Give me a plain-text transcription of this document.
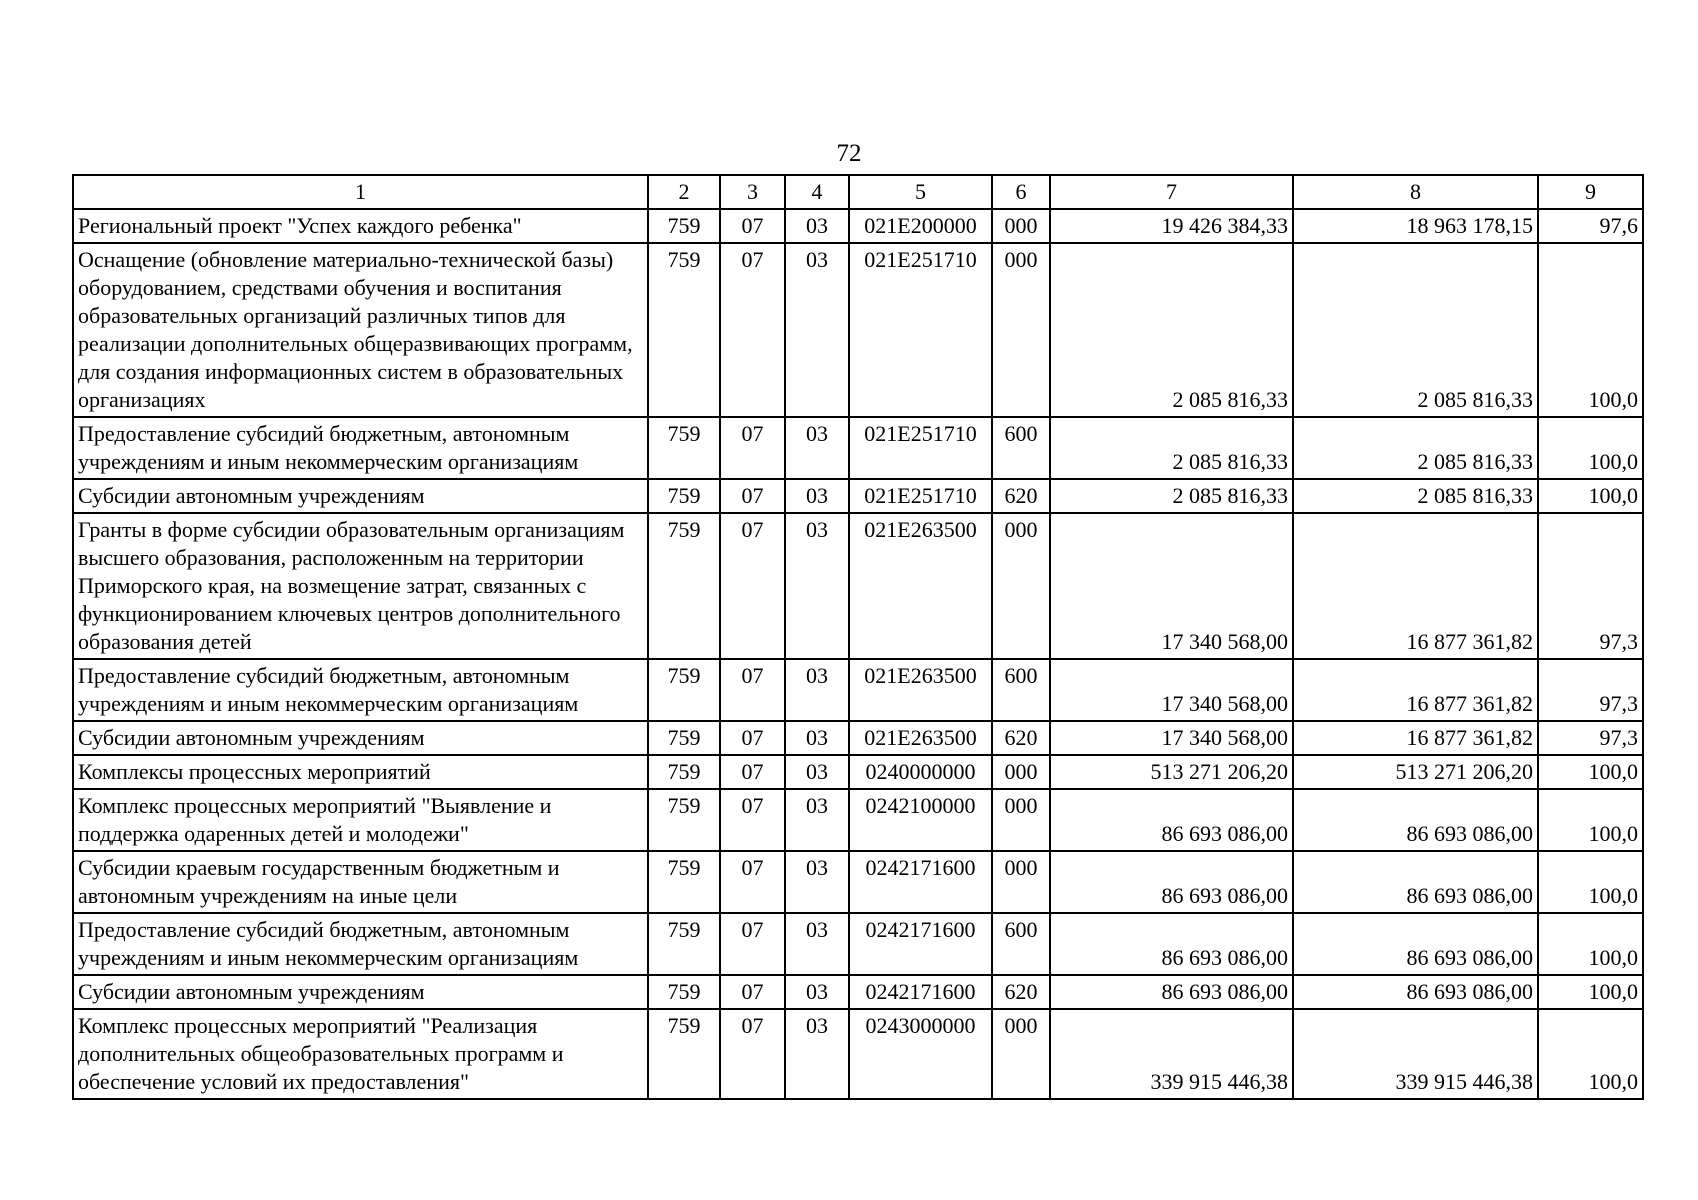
72
1	2	3	4	5	6	7	8	9
Региональный проект "Успех каждого ребенка"	759	07	03	021E200000	000	19 426 384,33	18 963 178,15	97,6
Оснащение (обновление материально-технической базы) оборудованием, средствами обучения и воспитания образовательных организаций различных типов для реализации дополнительных общеразвивающих программ, для создания информационных систем в образовательных организациях	759	07	03	021E251710	000	2 085 816,33	2 085 816,33	100,0
Предоставление субсидий бюджетным, автономным учреждениям и иным некоммерческим организациям	759	07	03	021E251710	600	2 085 816,33	2 085 816,33	100,0
Субсидии автономным учреждениям	759	07	03	021E251710	620	2 085 816,33	2 085 816,33	100,0
Гранты в форме субсидии образовательным организациям высшего образования, расположенным на территории Приморского края, на возмещение затрат, связанных с функционированием ключевых центров дополнительного образования детей	759	07	03	021E263500	000	17 340 568,00	16 877 361,82	97,3
Предоставление субсидий бюджетным, автономным учреждениям и иным некоммерческим организациям	759	07	03	021E263500	600	17 340 568,00	16 877 361,82	97,3
Субсидии автономным учреждениям	759	07	03	021E263500	620	17 340 568,00	16 877 361,82	97,3
Комплексы процессных мероприятий	759	07	03	0240000000	000	513 271 206,20	513 271 206,20	100,0
Комплекс процессных мероприятий "Выявление и поддержка одаренных детей и молодежи"	759	07	03	0242100000	000	86 693 086,00	86 693 086,00	100,0
Субсидии краевым государственным бюджетным и автономным учреждениям на иные цели	759	07	03	0242171600	000	86 693 086,00	86 693 086,00	100,0
Предоставление субсидий бюджетным, автономным учреждениям и иным некоммерческим организациям	759	07	03	0242171600	600	86 693 086,00	86 693 086,00	100,0
Субсидии автономным учреждениям	759	07	03	0242171600	620	86 693 086,00	86 693 086,00	100,0
Комплекс процессных мероприятий "Реализация дополнительных общеобразовательных программ и обеспечение условий их предоставления"	759	07	03	0243000000	000	339 915 446,38	339 915 446,38	100,0
